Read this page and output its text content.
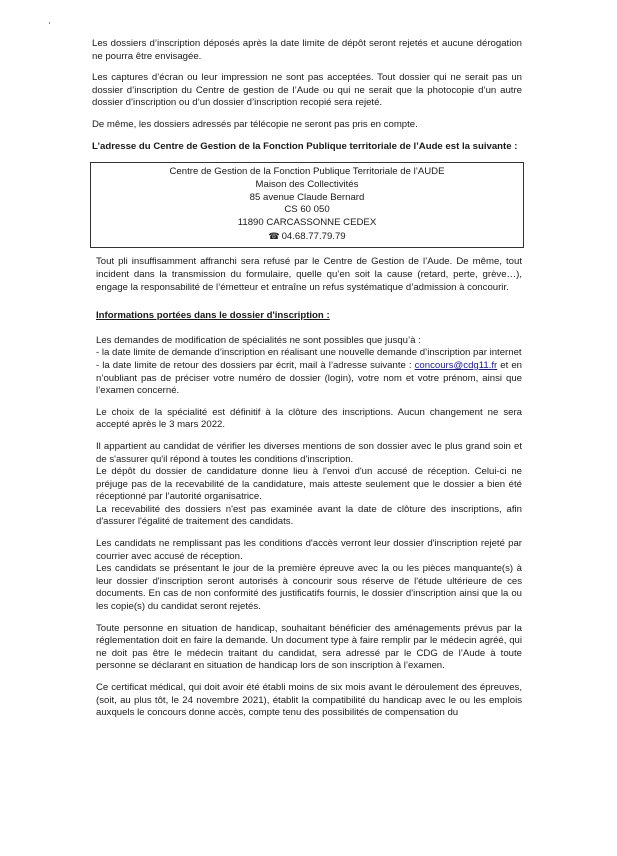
Les dossiers d’inscription déposés après la date limite de dépôt seront rejetés et aucune dérogation ne pourra être envisagée.

Les captures d’écran ou leur impression ne sont pas acceptées. Tout dossier qui ne serait pas un dossier d’inscription du Centre de gestion de l’Aude ou qui ne serait que la photocopie d’un autre dossier d’inscription ou d’un dossier d’inscription recopié sera rejeté.

De même, les dossiers adressés par télécopie ne seront pas pris en compte.

L’adresse du Centre de Gestion de la Fonction Publique territoriale de l’Aude est la suivante :

Centre de Gestion de la Fonction Publique Territoriale de l’AUDE
Maison des Collectivités
85 avenue Claude Bernard
CS 60 050
11890 CARCASSONNE CEDEX
☎ 04.68.77.79.79

Tout pli insuffisamment affranchi sera refusé par le Centre de Gestion de l’Aude. De même, tout incident dans la transmission du formulaire, quelle qu’en soit la cause (retard, perte, grève…), engage la responsabilité de l’émetteur et entraîne un refus systématique d’admission à concourir.

Informations portées dans le dossier d'inscription :

Les demandes de modification de spécialités ne sont possibles que jusqu’à :

- la date limite de demande d’inscription en réalisant une nouvelle demande d’inscription par internet

- la date limite de retour des dossiers par écrit, mail à l’adresse suivante : concours@cdg11.fr et en n’oubliant pas de préciser votre numéro de dossier (login), votre nom et votre prénom, ainsi que l’examen concerné.

Le choix de la spécialité est définitif à la clôture des inscriptions. Aucun changement ne sera accepté après le 3 mars 2022.

Il appartient au candidat de vérifier les diverses mentions de son dossier avec le plus grand soin et de s'assurer qu'il répond à toutes les conditions d'inscription.

Le dépôt du dossier de candidature donne lieu à l'envoi d'un accusé de réception. Celui-ci ne préjuge pas de la recevabilité de la candidature, mais atteste seulement que le dossier a bien été réceptionné par l’autorité organisatrice.

La recevabilité des dossiers n'est pas examinée avant la date de clôture des inscriptions, afin d'assurer l'égalité de traitement des candidats.

Les candidats ne remplissant pas les conditions d'accès verront leur dossier d'inscription rejeté par courrier avec accusé de réception.

Les candidats se présentant le jour de la première épreuve avec la ou les pièces manquante(s) à leur dossier d'inscription seront autorisés à concourir sous réserve de l'étude ultérieure de ces documents. En cas de non conformité des justificatifs fournis, le dossier d'inscription ainsi que la ou les copie(s) du candidat seront rejetés.

Toute personne en situation de handicap, souhaitant bénéficier des aménagements prévus par la réglementation doit en faire la demande. Un document type à faire remplir par le médecin agréé, qui ne doit pas être le médecin traitant du candidat, sera adressé par le CDG de l’Aude à toute personne se déclarant en situation de handicap lors de son inscription à l’examen.

Ce certificat médical, qui doit avoir été établi moins de six mois avant le déroulement des épreuves, (soit, au plus tôt, le 24 novembre 2021), établit la compatibilité du handicap avec le ou les emplois auxquels le concours donne accès, compte tenu des possibilités de compensation du
